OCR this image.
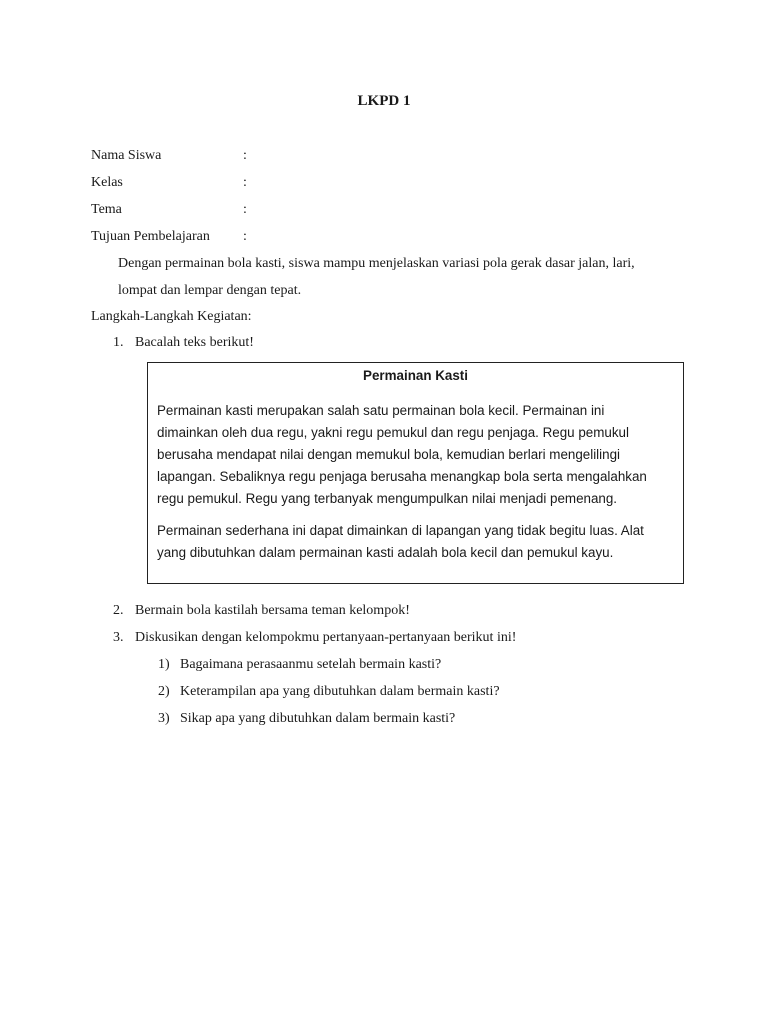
LKPD 1
Nama Siswa	:
Kelas	:
Tema	:
Tujuan Pembelajaran :
Dengan permainan bola kasti, siswa mampu menjelaskan variasi pola gerak dasar jalan, lari,
lompat dan lempar dengan tepat.
Langkah-Langkah Kegiatan:
1. Bacalah teks berikut!
Permainan Kasti
Permainan kasti merupakan salah satu permainan bola kecil. Permainan ini
dimainkan oleh dua regu, yakni regu pemukul dan regu penjaga. Regu pemukul
berusaha mendapat nilai dengan memukul bola, kemudian berlari mengelilingi
lapangan. Sebaliknya regu penjaga berusaha menangkap bola serta mengalahkan
regu pemukul. Regu yang terbanyak mengumpulkan nilai menjadi pemenang.
Permainan sederhana ini dapat dimainkan di lapangan yang tidak begitu luas. Alat
yang dibutuhkan dalam permainan kasti adalah bola kecil dan pemukul kayu.
2. Bermain bola kastilah bersama teman kelompok!
3. Diskusikan dengan kelompokmu pertanyaan-pertanyaan berikut ini!
1) Bagaimana perasaanmu setelah bermain kasti?
2) Keterampilan apa yang dibutuhkan dalam bermain kasti?
3) Sikap apa yang dibutuhkan dalam bermain kasti?
